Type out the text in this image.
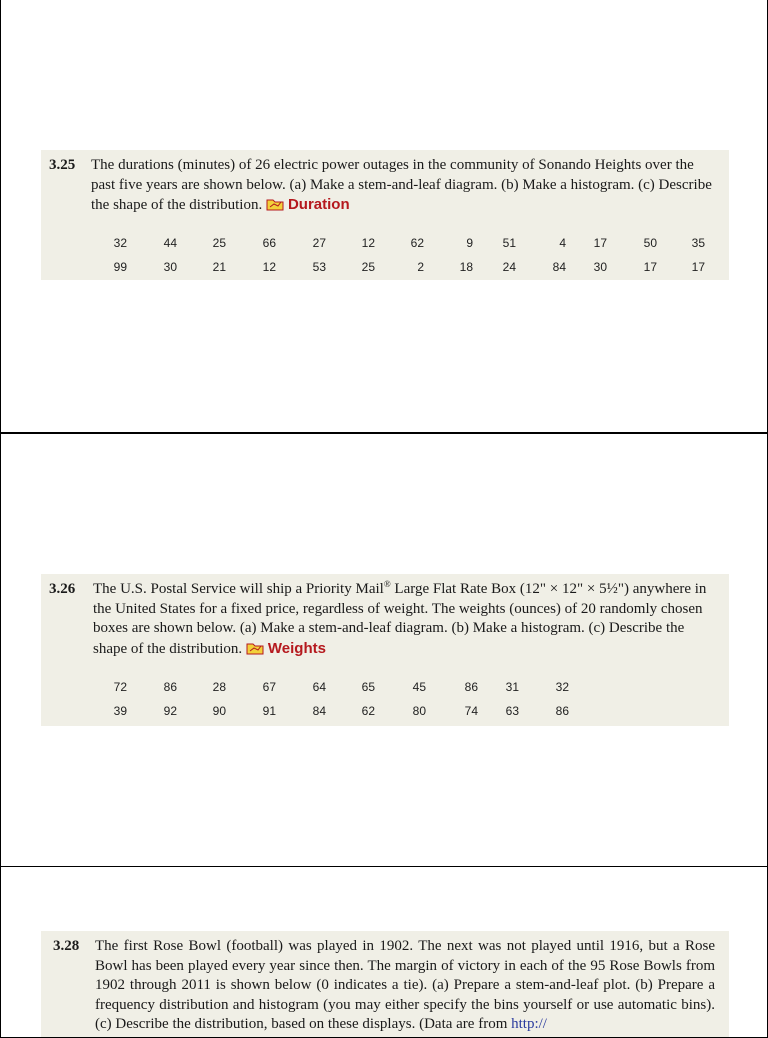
3.25 The durations (minutes) of 26 electric power outages in the community of Sonando Heights over the past five years are shown below. (a) Make a stem-and-leaf diagram. (b) Make a histogram. (c) Describe the shape of the distribution. Duration
32	44	25	66	27	12	62	9	51	4	17	50	35
99	30	21	12	53	25	2	18	24	84	30	17	17
3.26 The U.S. Postal Service will ship a Priority Mail® Large Flat Rate Box (12" × 12" × 5½") anywhere in the United States for a fixed price, regardless of weight. The weights (ounces) of 20 randomly chosen boxes are shown below. (a) Make a stem-and-leaf diagram. (b) Make a histogram. (c) Describe the shape of the distribution. Weights
72	86	28	67	64	65	45	86	31	32
39	92	90	91	84	62	80	74	63	86
3.28 The first Rose Bowl (football) was played in 1902. The next was not played until 1916, but a Rose Bowl has been played every year since then. The margin of victory in each of the 95 Rose Bowls from 1902 through 2011 is shown below (0 indicates a tie). (a) Prepare a stem-and-leaf plot. (b) Prepare a frequency distribution and histogram (you may either specify the bins yourself or use automatic bins). (c) Describe the distribution, based on these displays. (Data are from http://
